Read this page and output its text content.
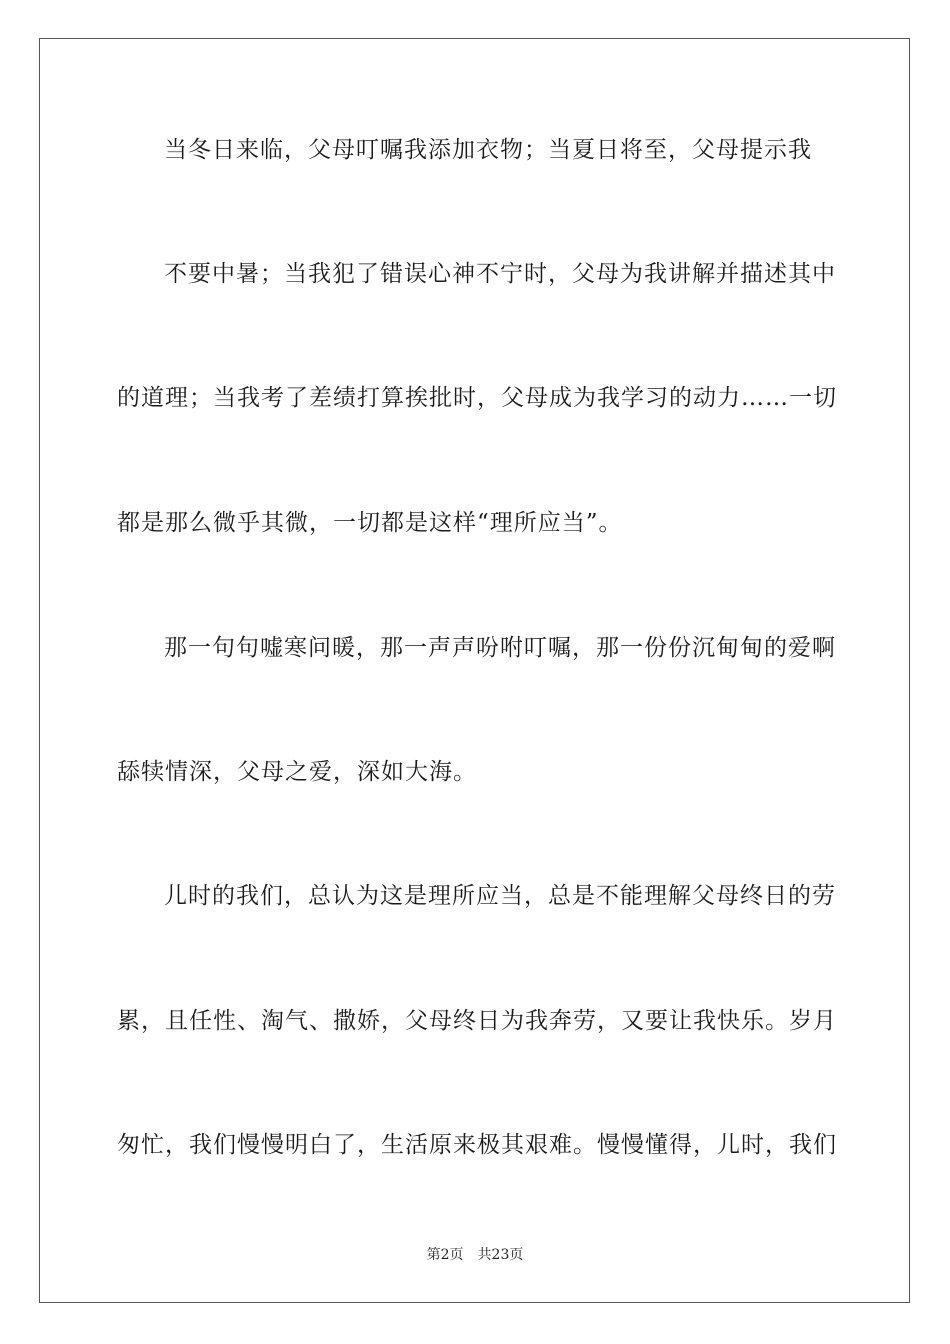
当冬日来临，父母叮嘱我添加衣物；当夏日将至，父母提示我
不要中暑；当我犯了错误心神不宁时，父母为我讲解并描述其中
的道理；当我考了差绩打算挨批时，父母成为我学习的动力……一切
都是那么微乎其微，一切都是这样“理所应当”。
那一句句嘘寒问暖，那一声声吩咐叮嘱，那一份份沉甸甸的爱啊
舔犊情深，父母之爱，深如大海。
儿时的我们，总认为这是理所应当，总是不能理解父母终日的劳
累，且任性、淘气、撒娇，父母终日为我奔劳，又要让我快乐。岁月
匆忙，我们慢慢明白了，生活原来极其艰难。慢慢懂得，儿时，我们
第2页 共23页
